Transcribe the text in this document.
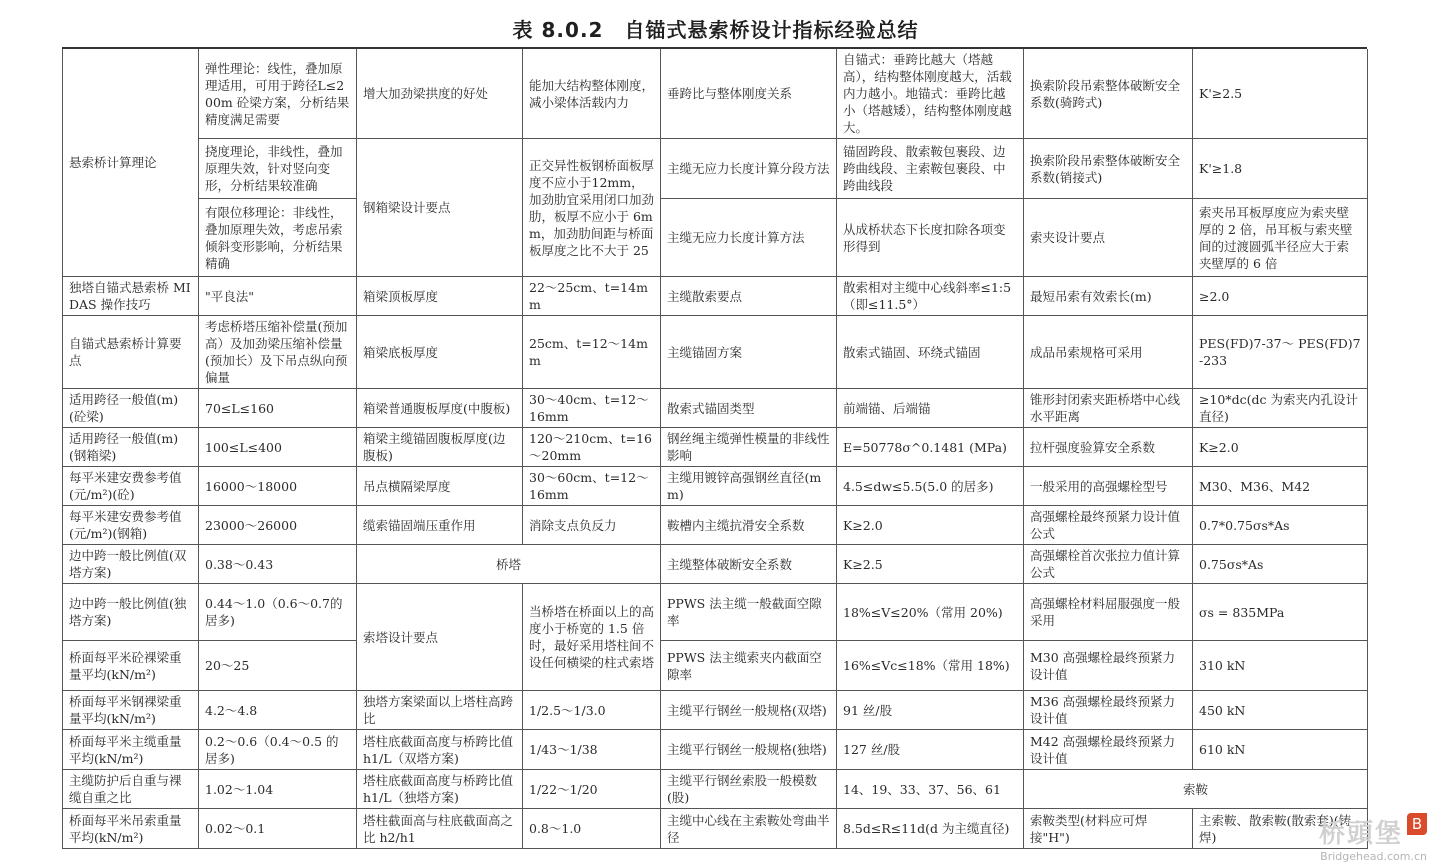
表 8.0.2　自锚式悬索桥设计指标经验总结
悬索桥计算理论	弹性理论：线性，叠加原理适用，可用于跨径L≤200m 砼梁方案，分析结果精度满足需要	增大加劲梁拱度的好处	能加大结构整体刚度，减小梁体活载内力	垂跨比与整体刚度关系	自锚式：垂跨比越大（塔越高），结构整体刚度越大，活载内力越小。地锚式：垂跨比越小（塔越矮），结构整体刚度越大。	换索阶段吊索整体破断安全系数(骑跨式)	K'≥2.5
	挠度理论，非线性，叠加原理失效，针对竖向变形，分析结果较准确	钢箱梁设计要点	正交异性板钢桥面板厚度不应小于12mm，加劲肋宜采用闭口加劲肋，板厚不应小于 6mm，加劲肋间距与桥面板厚度之比不大于 25	主缆无应力长度计算分段方法	锚固跨段、散索鞍包裹段、边跨曲线段、主索鞍包裹段、中跨曲线段	换索阶段吊索整体破断安全系数(销接式)	K'≥1.8
	有限位移理论：非线性，叠加原理失效，考虑吊索倾斜变形影响，分析结果精确			主缆无应力长度计算方法	从成桥状态下长度扣除各项变形得到	索夹设计要点	索夹吊耳板厚度应为索夹壁厚的 2 倍，吊耳板与索夹壁间的过渡圆弧半径应大于索夹壁厚的 6 倍
独塔自锚式悬索桥 MIDAS 操作技巧	"平良法"	箱梁顶板厚度	22～25cm、t=14mm	主缆散索要点	散索相对主缆中心线斜率≤1:5（即≤11.5°）	最短吊索有效索长(m)	≥2.0
自锚式悬索桥计算要点	考虑桥塔压缩补偿量(预加高）及加劲梁压缩补偿量(预加长）及下吊点纵向预偏量	箱梁底板厚度	25cm、t=12～14mm	主缆锚固方案	散索式锚固、环绕式锚固	成品吊索规格可采用	PES(FD)7-37～ PES(FD)7-233
适用跨径一般值(m)(砼梁)	70≤L≤160	箱梁普通腹板厚度(中腹板)	30～40cm、t=12～16mm	散索式锚固类型	前端锚、后端锚	锥形封闭索夹距桥塔中心线水平距离	≥10*dc(dc 为索夹内孔设计直径)
适用跨径一般值(m)(钢箱梁)	100≤L≤400	箱梁主缆锚固腹板厚度(边腹板)	120～210cm、t=16～20mm	钢丝绳主缆弹性模量的非线性影响	E=50778σ^0.1481 (MPa)	拉杆强度验算安全系数	K≥2.0
每平米建安费参考值(元/m²)(砼)	16000～18000	吊点横隔梁厚度	30～60cm、t=12～16mm	主缆用镀锌高强钢丝直径(mm)	4.5≤dw≤5.5(5.0 的居多)	一般采用的高强螺栓型号	M30、M36、M42
每平米建安费参考值(元/m²)(钢箱)	23000～26000	缆索锚固端压重作用	消除支点负反力	鞍槽内主缆抗滑安全系数	K≥2.0	高强螺栓最终预紧力设计值公式	0.7*0.75σs*As
边中跨一般比例值(双塔方案)	0.38～0.43	桥塔		主缆整体破断安全系数	K≥2.5	高强螺栓首次张拉力值计算公式	0.75σs*As
边中跨一般比例值(独塔方案)	0.44～1.0（0.6～0.7的居多)	索塔设计要点	当桥塔在桥面以上的高度小于桥宽的 1.5 倍时，最好采用塔柱间不设任何横梁的柱式索塔	PPWS 法主缆一般截面空隙率	18%≤V≤20%（常用 20%)	高强螺栓材料屈服强度一般采用	σs = 835MPa
桥面每平米砼裸梁重量平均(kN/m²)	20～25			PPWS 法主缆索夹内截面空隙率	16%≤Vc≤18%（常用 18%)	M30 高强螺栓最终预紧力设计值	310 kN
桥面每平米钢裸梁重量平均(kN/m²)	4.2～4.8	独塔方案梁面以上塔柱高跨比	1/2.5～1/3.0	主缆平行钢丝一般规格(双塔)	91 丝/股	M36 高强螺栓最终预紧力设计值	450 kN
桥面每平米主缆重量平均(kN/m²)	0.2～0.6（0.4～0.5 的居多)	塔柱底截面高度与桥跨比值 h1/L（双塔方案)	1/43～1/38	主缆平行钢丝一般规格(独塔)	127 丝/股	M42 高强螺栓最终预紧力设计值	610 kN
主缆防护后自重与裸缆自重之比	1.02～1.04	塔柱底截面高度与桥跨比值 h1/L（独塔方案)	1/22～1/20	主缆平行钢丝索股一般模数(股)	14、19、33、37、56、61	索鞍	
桥面每平米吊索重量平均(kN/m²)	0.02～0.1	塔柱截面高与柱底截面高之比 h2/h1	0.8～1.0	主缆中心线在主索鞍处弯曲半径	8.5d≤R≤11d(d 为主缆直径)	索鞍类型(材料应可焊接"H")	主索鞍、散索鞍(散索套)(铸焊)	桥頭堡 B
Bridgehead.com.cn
